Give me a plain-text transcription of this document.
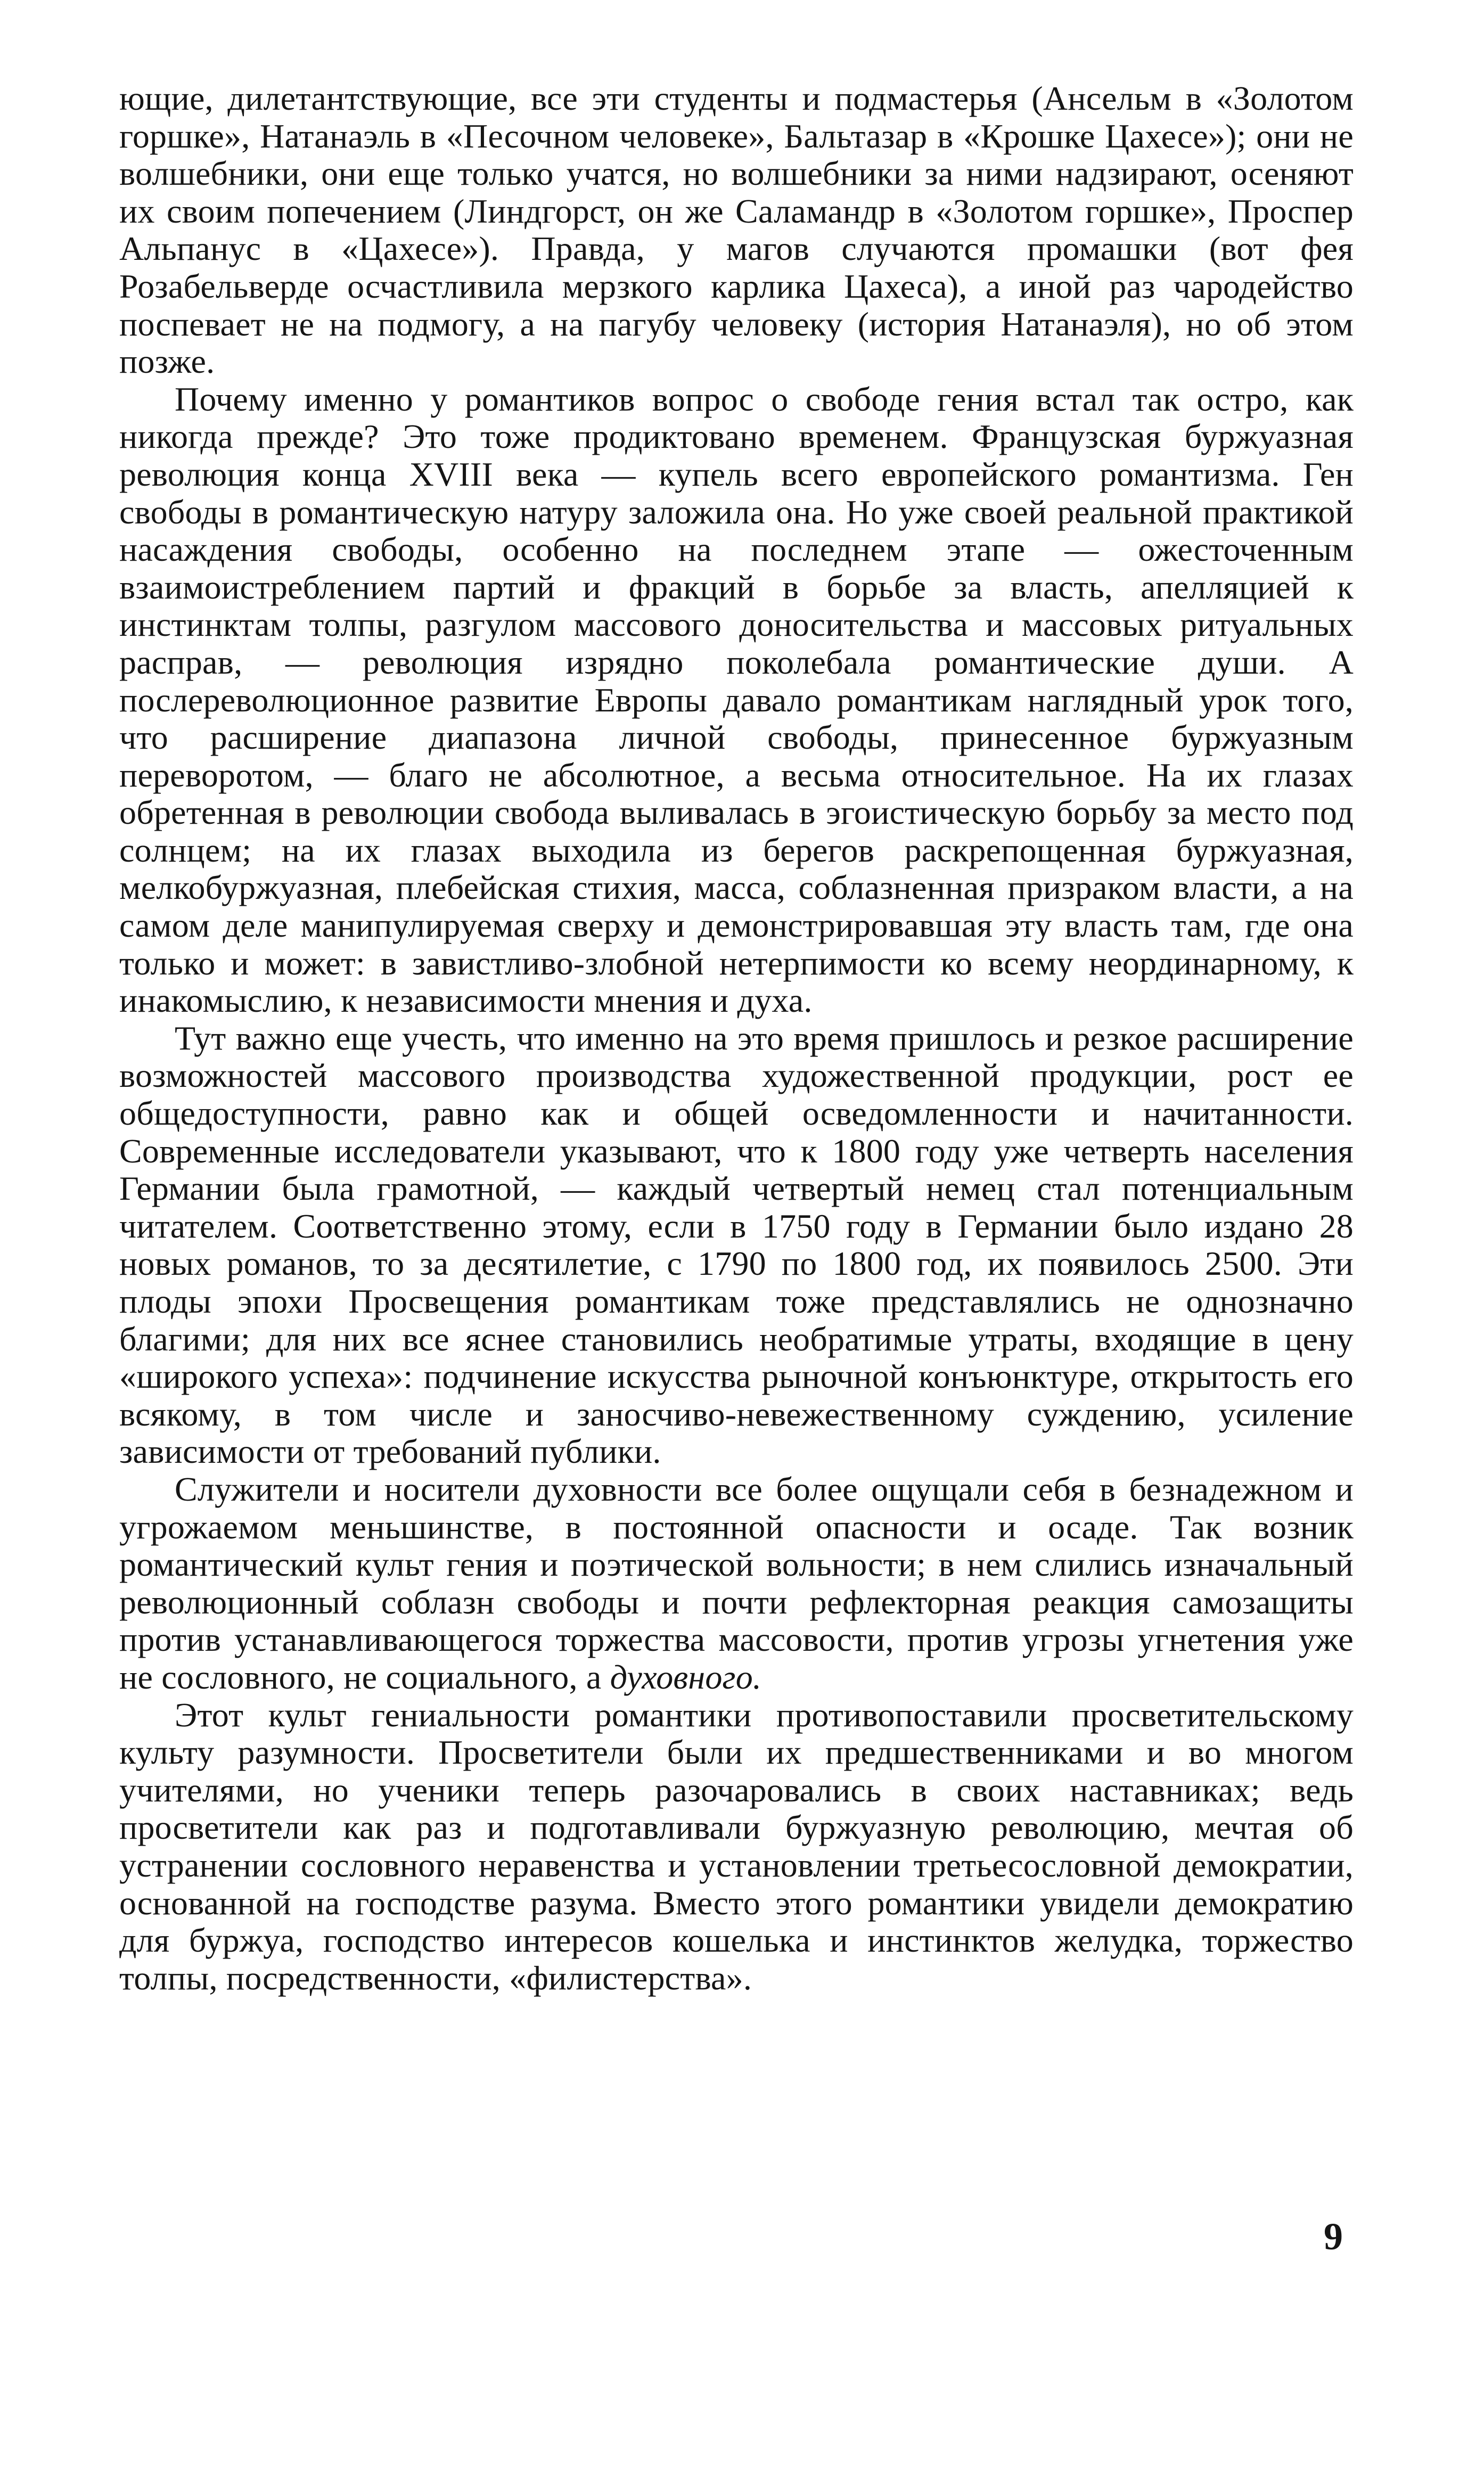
ющие, дилетантствующие, все эти студенты и подмастерья (Ансельм в «Золотом горшке», Натанаэль в «Песочном человеке», Бальтазар в «Крошке Цахесе»); они не волшебники, они еще только учатся, но волшебники за ними надзирают, осеняют их своим попечением (Линдгорст, он же Саламандр в «Золотом горшке», Проспер Альпанус в «Цахесе»). Правда, у магов случаются промашки (вот фея Розабельверде осчастливила мерзкого карлика Цахеса), а иной раз чародейство поспевает не на подмогу, а на пагубу человеку (история Натанаэля), но об этом позже.

Почему именно у романтиков вопрос о свободе гения встал так остро, как никогда прежде? Это тоже продиктовано временем. Французская буржуазная революция конца XVIII века — купель всего европейского романтизма. Ген свободы в романтическую натуру заложила она. Но уже своей реальной практикой насаждения свободы, особенно на последнем этапе — ожесточенным взаимоистреблением партий и фракций в борьбе за власть, апелляцией к инстинктам толпы, разгулом массового доносительства и массовых ритуальных расправ, — революция изрядно поколебала романтические души. А послереволюционное развитие Европы давало романтикам наглядный урок того, что расширение диапазона личной свободы, принесенное буржуазным переворотом, — благо не абсолютное, а весьма относительное. На их глазах обретенная в революции свобода выливалась в эгоистическую борьбу за место под солнцем; на их глазах выходила из берегов раскрепощенная буржуазная, мелкобуржуазная, плебейская стихия, масса, соблазненная призраком власти, а на самом деле манипулируемая сверху и демонстрировавшая эту власть там, где она только и может: в завистливо-злобной нетерпимости ко всему неординарному, к инакомыслию, к независимости мнения и духа.

Тут важно еще учесть, что именно на это время пришлось и резкое расширение возможностей массового производства художественной продукции, рост ее общедоступности, равно как и общей осведомленности и начитанности. Современные исследователи указывают, что к 1800 году уже четверть населения Германии была грамотной, — каждый четвертый немец стал потенциальным читателем. Соответственно этому, если в 1750 году в Германии было издано 28 новых романов, то за десятилетие, с 1790 по 1800 год, их появилось 2500. Эти плоды эпохи Просвещения романтикам тоже представлялись не однозначно благими; для них все яснее становились необратимые утраты, входящие в цену «широкого успеха»: подчинение искусства рыночной конъюнктуре, открытость его всякому, в том числе и заносчиво-невежественному суждению, усиление зависимости от требований публики.

Служители и носители духовности все более ощущали себя в безнадежном и угрожаемом меньшинстве, в постоянной опасности и осаде. Так возник романтический культ гения и поэтической вольности; в нем слились изначальный революционный соблазн свободы и почти рефлекторная реакция самозащиты против устанавливающегося торжества массовости, против угрозы угнетения уже не сословного, не социального, а духовного.

Этот культ гениальности романтики противопоставили просветительскому культу разумности. Просветители были их предшественниками и во многом учителями, но ученики теперь разочаровались в своих наставниках; ведь просветители как раз и подготавливали буржуазную революцию, мечтая об устранении сословного неравенства и установлении третьесословной демократии, основанной на господстве разума. Вместо этого романтики увидели демократию для буржуа, господство интересов кошелька и инстинктов желудка, торжество толпы, посредственности, «филистерства».

9
